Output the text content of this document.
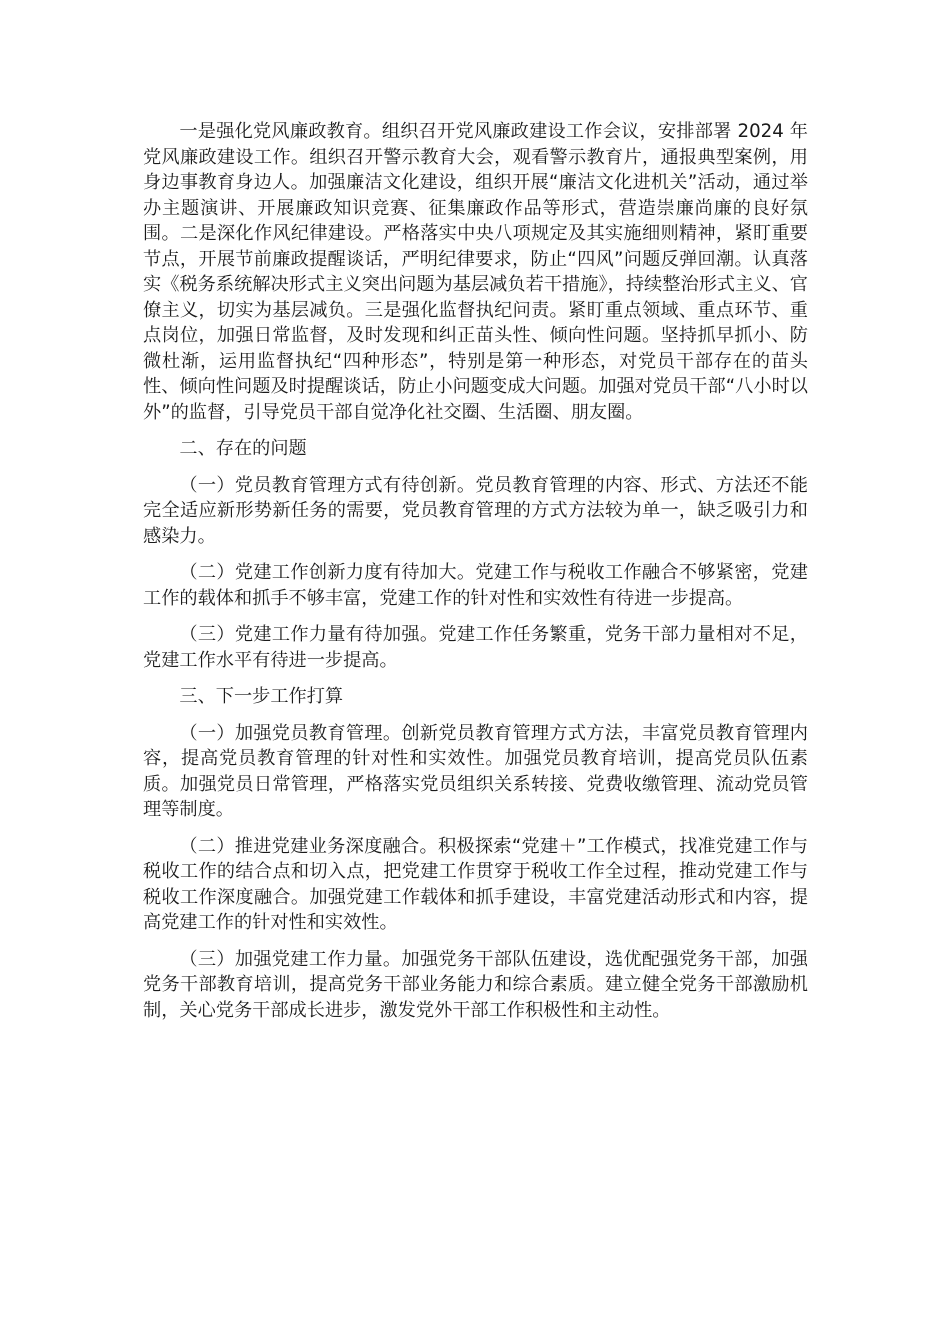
一是强化党风廉政教育。组织召开党风廉政建设工作会议，安排部署 2024 年党风廉政建设工作。组织召开警示教育大会，观看警示教育片，通报典型案例，用身边事教育身边人。加强廉洁文化建设，组织开展“廉洁文化进机关”活动，通过举办主题演讲、开展廉政知识竞赛、征集廉政作品等形式，营造崇廉尚廉的良好氛围。二是深化作风纪律建设。严格落实中央八项规定及其实施细则精神，紧盯重要节点，开展节前廉政提醒谈话，严明纪律要求，防止“四风”问题反弹回潮。认真落实《税务系统解决形式主义突出问题为基层减负若干措施》，持续整治形式主义、官僚主义，切实为基层减负。三是强化监督执纪问责。紧盯重点领域、重点环节、重点岗位，加强日常监督，及时发现和纠正苗头性、倾向性问题。坚持抓早抓小、防微杜渐，运用监督执纪“四种形态”，特别是第一种形态，对党员干部存在的苗头性、倾向性问题及时提醒谈话，防止小问题变成大问题。加强对党员干部“八小时以外”的监督，引导党员干部自觉净化社交圈、生活圈、朋友圈。

二、存在的问题

（一）党员教育管理方式有待创新。党员教育管理的内容、形式、方法还不能完全适应新形势新任务的需要，党员教育管理的方式方法较为单一，缺乏吸引力和感染力。

（二）党建工作创新力度有待加大。党建工作与税收工作融合不够紧密，党建工作的载体和抓手不够丰富，党建工作的针对性和实效性有待进一步提高。

（三）党建工作力量有待加强。党建工作任务繁重，党务干部力量相对不足，党建工作水平有待进一步提高。

三、下一步工作打算

（一）加强党员教育管理。创新党员教育管理方式方法，丰富党员教育管理内容，提高党员教育管理的针对性和实效性。加强党员教育培训，提高党员队伍素质。加强党员日常管理，严格落实党员组织关系转接、党费收缴管理、流动党员管理等制度。

（二）推进党建业务深度融合。积极探索“党建＋”工作模式，找准党建工作与税收工作的结合点和切入点，把党建工作贯穿于税收工作全过程，推动党建工作与税收工作深度融合。加强党建工作载体和抓手建设，丰富党建活动形式和内容，提高党建工作的针对性和实效性。

（三）加强党建工作力量。加强党务干部队伍建设，选优配强党务干部，加强党务干部教育培训，提高党务干部业务能力和综合素质。建立健全党务干部激励机制，关心党务干部成长进步，激发党外干部工作积极性和主动性。
